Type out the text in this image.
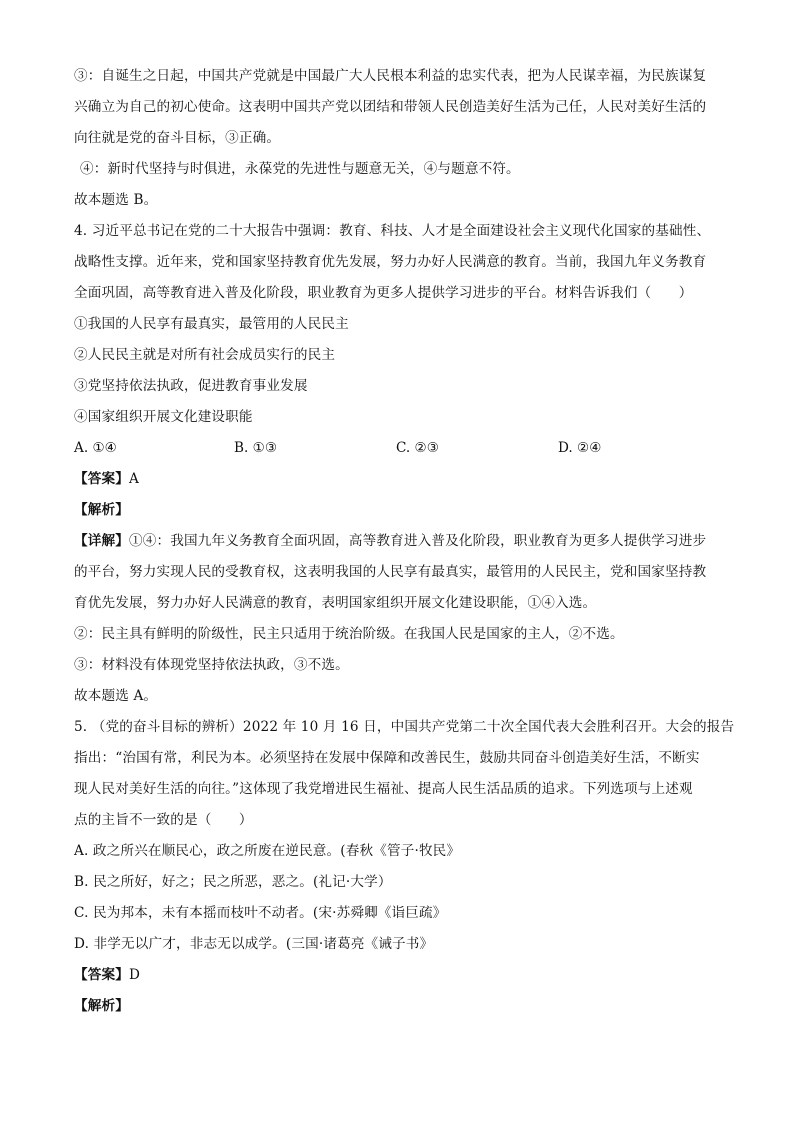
③：自诞生之日起，中国共产党就是中国最广大人民根本利益的忠实代表，把为人民谋幸福，为民族谋复
兴确立为自己的初心使命。这表明中国共产党以团结和带领人民创造美好生活为己任，人民对美好生活的
向往就是党的奋斗目标，③正确。
④：新时代坚持与时俱进，永葆党的先进性与题意无关，④与题意不符。
故本题选 B。
4. 习近平总书记在党的二十大报告中强调：教育、科技、人才是全面建设社会主义现代化国家的基础性、
战略性支撑。近年来，党和国家坚持教育优先发展，努力办好人民满意的教育。当前，我国九年义务教育
全面巩固，高等教育进入普及化阶段，职业教育为更多人提供学习进步的平台。材料告诉我们（　　）
①我国的人民享有最真实，最管用的人民民主
②人民民主就是对所有社会成员实行的民主
③党坚持依法执政，促进教育事业发展
④国家组织开展文化建设职能
A. ①④	B. ①③	C. ②③	D. ②④
【答案】A
【解析】
【详解】①④：我国九年义务教育全面巩固，高等教育进入普及化阶段，职业教育为更多人提供学习进步
的平台，努力实现人民的受教育权，这表明我国的人民享有最真实，最管用的人民民主，党和国家坚持教
育优先发展，努力办好人民满意的教育，表明国家组织开展文化建设职能，①④入选。
②：民主具有鲜明的阶级性，民主只适用于统治阶级。在我国人民是国家的主人，②不选。
③：材料没有体现党坚持依法执政，③不选。
故本题选 A。
5. （党的奋斗目标的辨析）2022 年 10 月 16 日，中国共产党第二十次全国代表大会胜利召开。大会的报告
指出：“治国有常，利民为本。必须坚持在发展中保障和改善民生，鼓励共同奋斗创造美好生活，不断实
现人民对美好生活的向往。”这体现了我党增进民生福祉、提高人民生活品质的追求。下列选项与上述观
点的主旨不一致的是（　　）
A. 政之所兴在顺民心，政之所废在逆民意。(春秋《管子·牧民》
B. 民之所好，好之；民之所恶，恶之。(礼记·大学）
C. 民为邦本，未有本摇而枝叶不动者。(宋·苏舜卿《诣巨疏》
D. 非学无以广才，非志无以成学。(三国·诸葛亮《诫子书》
【答案】D
【解析】
